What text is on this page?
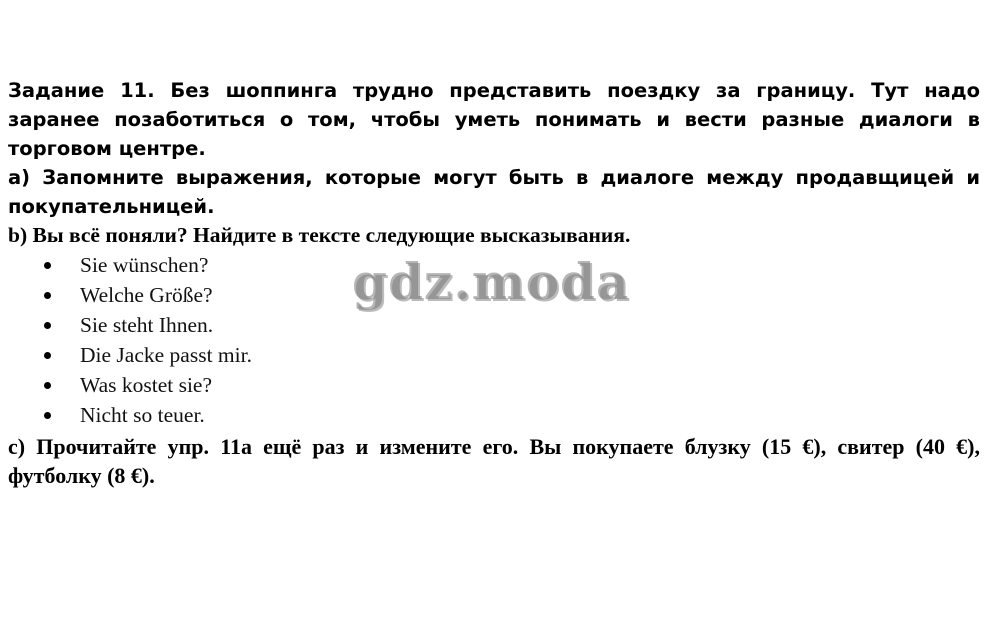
Задание 11. Без шоппинга трудно представить поездку за границу. Тут надо заранее позаботиться о том, чтобы уметь понимать и вести разные диалоги в торговом центре.

a) Запомните выражения, которые могут быть в диалоге между продавщицей и покупательницей.

b) Вы всё поняли? Найдите в тексте следующие высказывания.

Sie wünschen?
Welche Größe?
Sie steht Ihnen.
Die Jacke passt mir.
Was kostet sie?
Nicht so teuer.

c) Прочитайте упр. 11a ещё раз и измените его. Вы покупаете блузку (15 €), свитер (40 €), футболку (8 €).

gdz.moda
